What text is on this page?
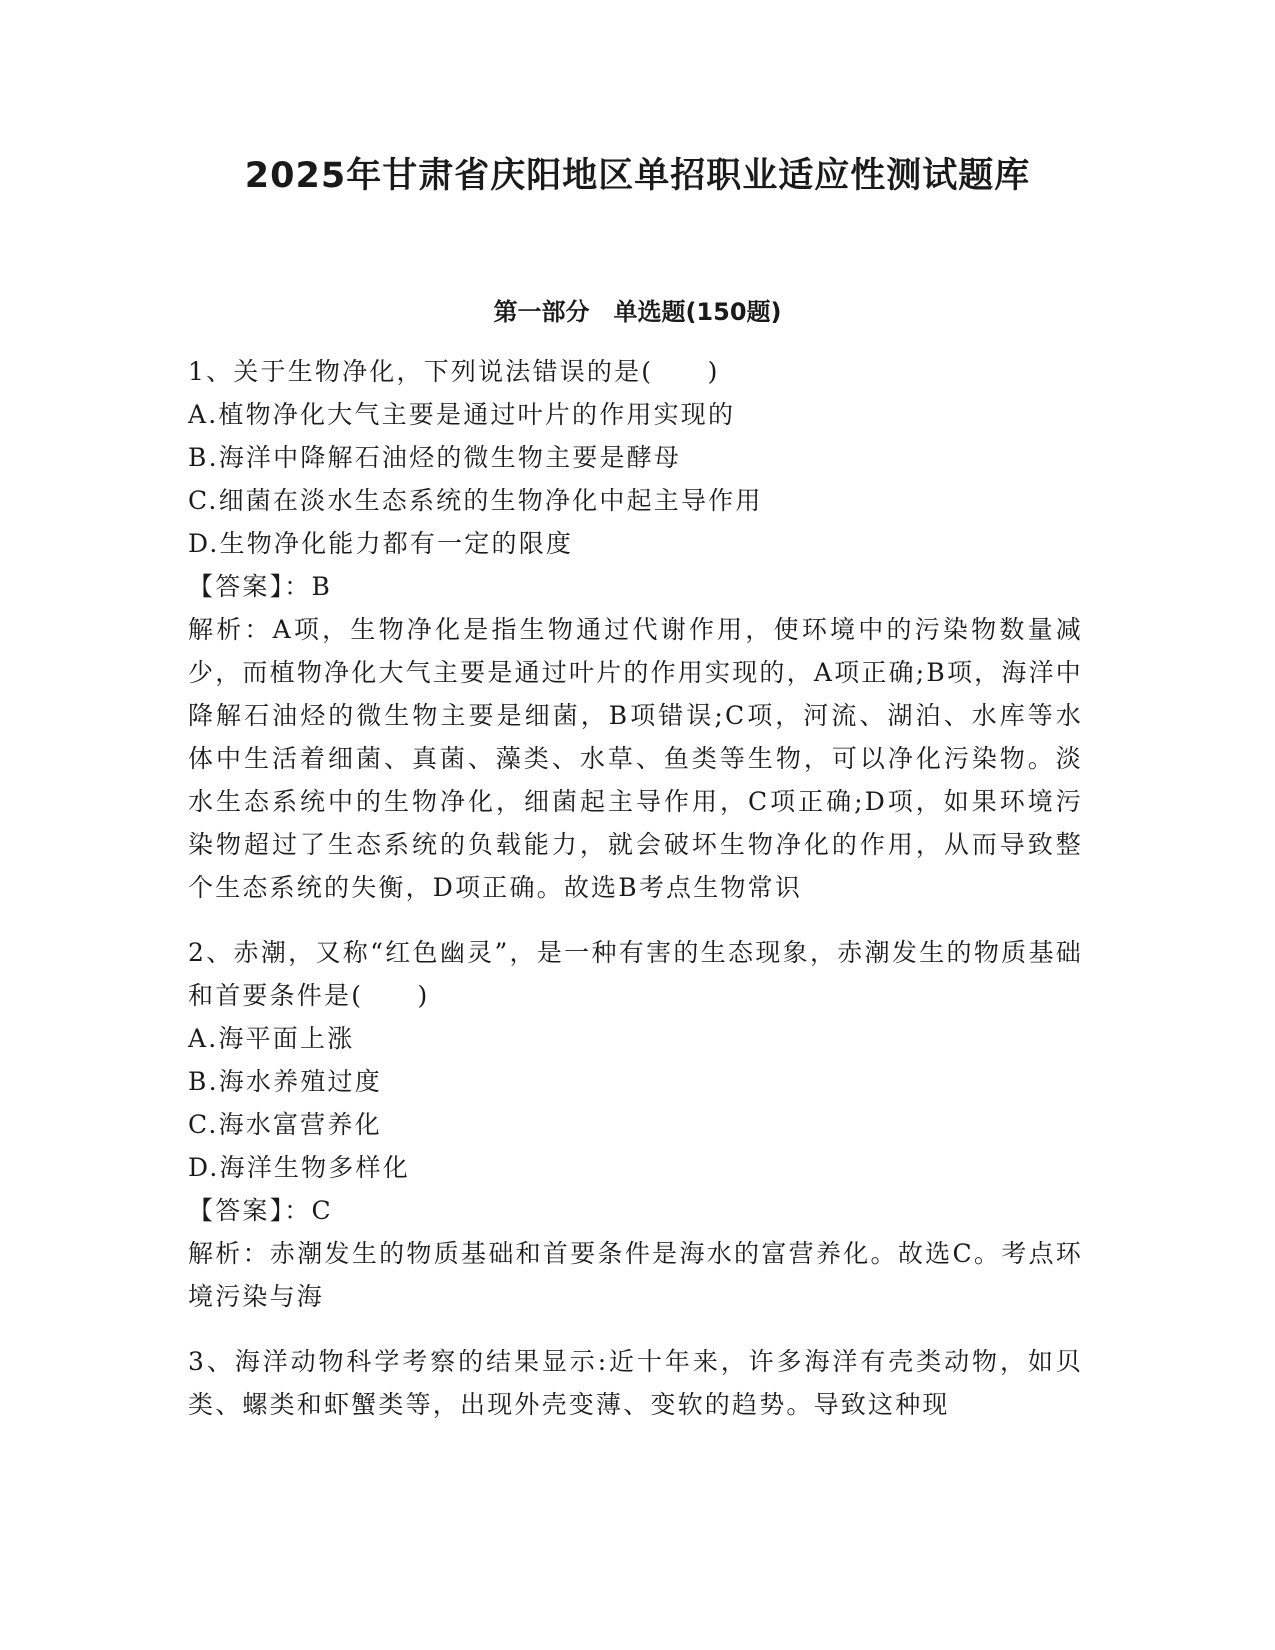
2025年甘肃省庆阳地区单招职业适应性测试题库
第一部分　单选题(150题)
1、关于生物净化，下列说法错误的是(　　)
A.植物净化大气主要是通过叶片的作用实现的
B.海洋中降解石油烃的微生物主要是酵母
C.细菌在淡水生态系统的生物净化中起主导作用
D.生物净化能力都有一定的限度
【答案】：B
解析：A项，生物净化是指生物通过代谢作用，使环境中的污染物数量减少，而植物净化大气主要是通过叶片的作用实现的，A项正确;B项，海洋中降解石油烃的微生物主要是细菌，B项错误;C项，河流、湖泊、水库等水体中生活着细菌、真菌、藻类、水草、鱼类等生物，可以净化污染物。淡水生态系统中的生物净化，细菌起主导作用，C项正确;D项，如果环境污染物超过了生态系统的负载能力，就会破坏生物净化的作用，从而导致整个生态系统的失衡，D项正确。故选B考点生物常识
2、赤潮，又称“红色幽灵”，是一种有害的生态现象，赤潮发生的物质基础和首要条件是(　　)
A.海平面上涨
B.海水养殖过度
C.海水富营养化
D.海洋生物多样化
【答案】：C
解析：赤潮发生的物质基础和首要条件是海水的富营养化。故选C。考点环境污染与海
3、海洋动物科学考察的结果显示:近十年来，许多海洋有壳类动物，如贝类、螺类和虾蟹类等，出现外壳变薄、变软的趋势。导致这种现
